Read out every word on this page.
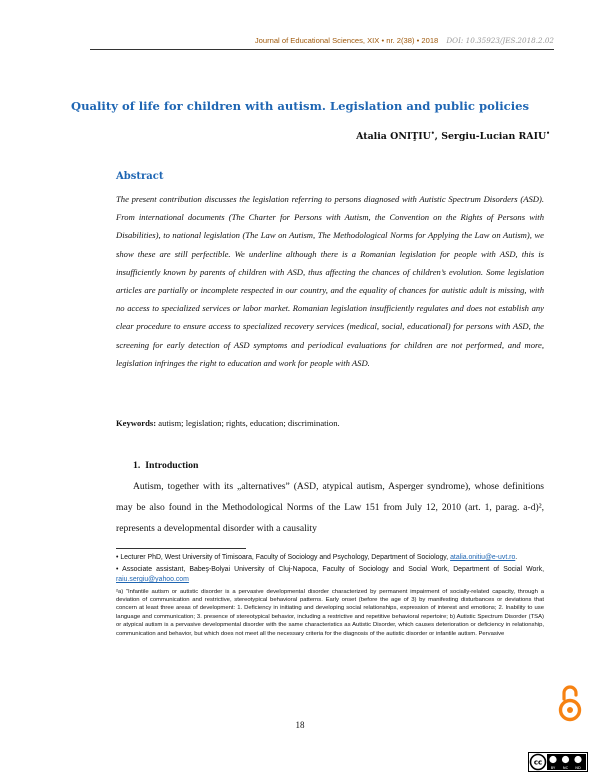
Journal of Educational Sciences, XIX • nr. 2(38) • 2018 DOI: 10.35923/JES.2018.2.02
Quality of life for children with autism. Legislation and public policies
Atalia ONIŢIU•, Sergiu-Lucian RAIU•
Abstract

The present contribution discusses the legislation referring to persons diagnosed with Autistic Spectrum Disorders (ASD). From international documents (The Charter for Persons with Autism, the Convention on the Rights of Persons with Disabilities), to national legislation (The Law on Autism, The Methodological Norms for Applying the Law on Autism), we show these are still perfectible. We underline although there is a Romanian legislation for people with ASD, this is insufficiently known by parents of children with ASD, thus affecting the chances of children’s evolution. Some legislation articles are partially or incomplete respected in our country, and the equality of chances for autistic adult is missing, with no access to specialized services or labor market. Romanian legislation insufficiently regulates and does not establish any clear procedure to ensure access to specialized recovery services (medical, social, educational) for persons with ASD, the screening for early detection of ASD symptoms and periodical evaluations for children are not performed, and more, legislation infringes the right to education and work for people with ASD.

Keywords: autism; legislation; rights, education; discrimination.
1. Introduction

Autism, together with its „alternatives” (ASD, atypical autism, Asperger syndrome), whose definitions may be also found in the Methodological Norms of the Law 151 from July 12, 2010 (art. 1, parag. a-d)², represents a developmental disorder with a causality

• Lecturer PhD, West University of Timisoara, Faculty of Sociology and Psychology, Department of Sociology, atalia.onitiu@e-uvt.ro.

• Associate assistant, Babeş-Bolyai University of Cluj-Napoca, Faculty of Sociology and Social Work, Department of Social Work, raiu.sergiu@yahoo.com

²a) “Infantile autism or autistic disorder is a pervasive developmental disorder characterized by permanent impairment of socially-related capacity, through a deviation of communication and restrictive, stereotypical behavioral patterns. Early onset (before the age of 3) by manifesting disturbances or deviations that concern at least three areas of development: 1. Deficiency in initiating and developing social relationships, expression of interest and emotions; 2. Inability to use language and communication; 3. presence of stereotypical behavior, including a restrictive and repetitive behavioral repertoire; b) Autistic Spectrum Disorder (TSA) or atypical autism is a pervasive developmental disorder with the same characteristics as Autistic Disorder, which causes deterioration or deficiency in relationship, communication and behavior, but which does not meet all the necessary criteria for the diagnosis of the autistic disorder or infantile autism. Pervasive

18
cc
BY NC ND
